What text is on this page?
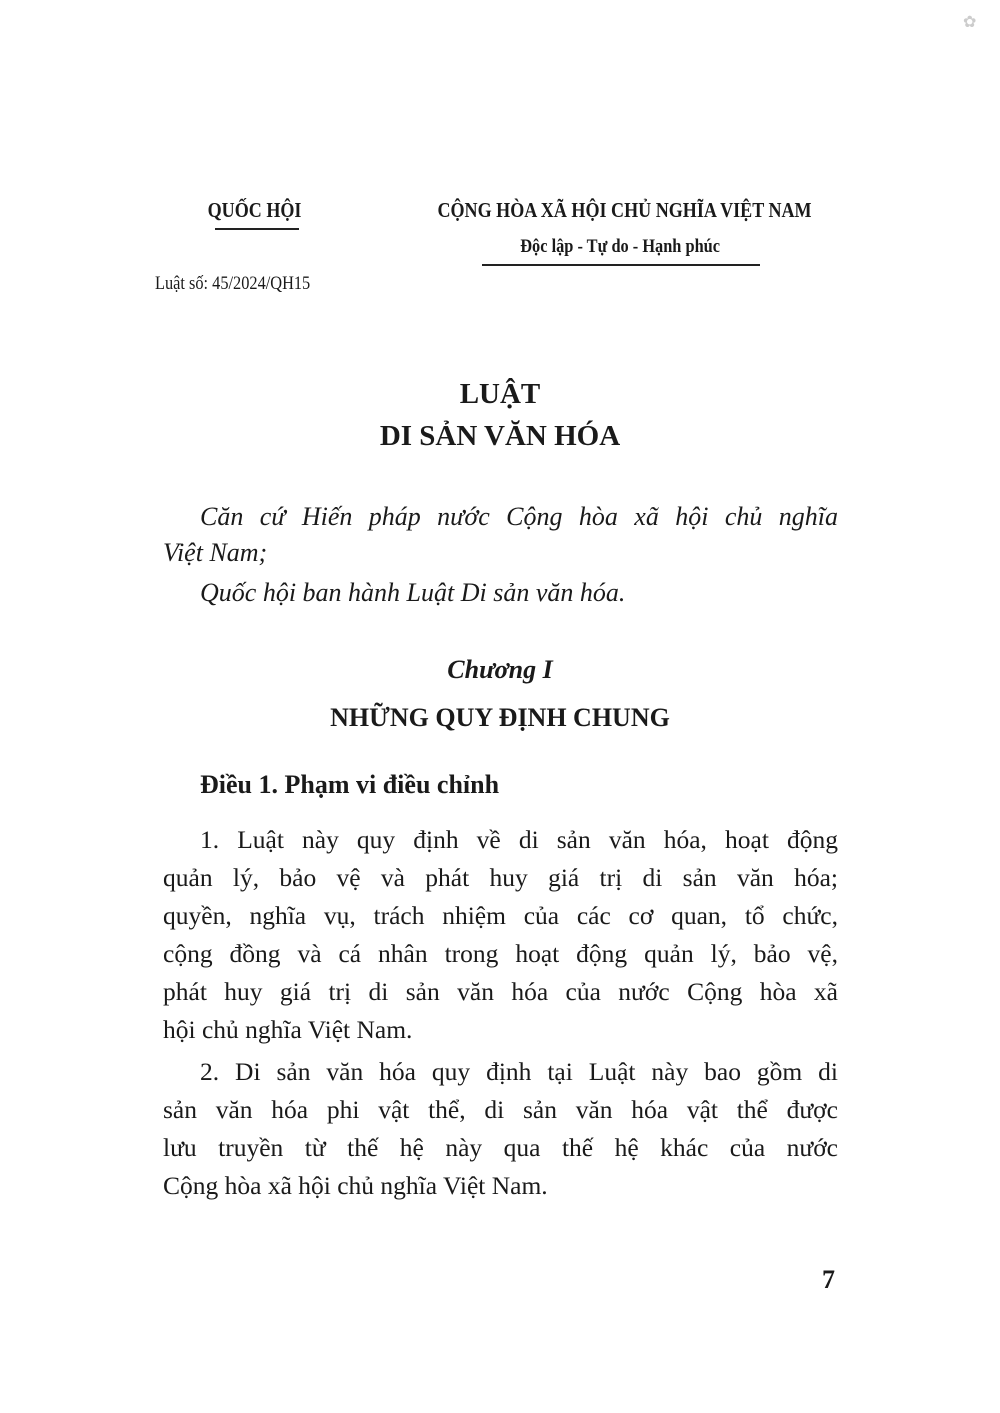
✿
QUỐC HỘI	CỘNG HÒA XÃ HỘI CHỦ NGHĨA VIỆT NAM
Độc lập - Tự do - Hạnh phúc
Luật số: 45/2024/QH15
LUẬT
DI SẢN VĂN HÓA
Căn cứ Hiến pháp nước Cộng hòa xã hội chủ nghĩa
Việt Nam;
Quốc hội ban hành Luật Di sản văn hóa.
Chương I
NHỮNG QUY ĐỊNH CHUNG
Điều 1. Phạm vi điều chỉnh
1. Luật này quy định về di sản văn hóa, hoạt động
quản lý, bảo vệ và phát huy giá trị di sản văn hóa;
quyền, nghĩa vụ, trách nhiệm của các cơ quan, tổ chức,
cộng đồng và cá nhân trong hoạt động quản lý, bảo vệ,
phát huy giá trị di sản văn hóa của nước Cộng hòa xã
hội chủ nghĩa Việt Nam.
2. Di sản văn hóa quy định tại Luật này bao gồm di
sản văn hóa phi vật thể, di sản văn hóa vật thể được
lưu truyền từ thế hệ này qua thế hệ khác của nước
Cộng hòa xã hội chủ nghĩa Việt Nam.
7
